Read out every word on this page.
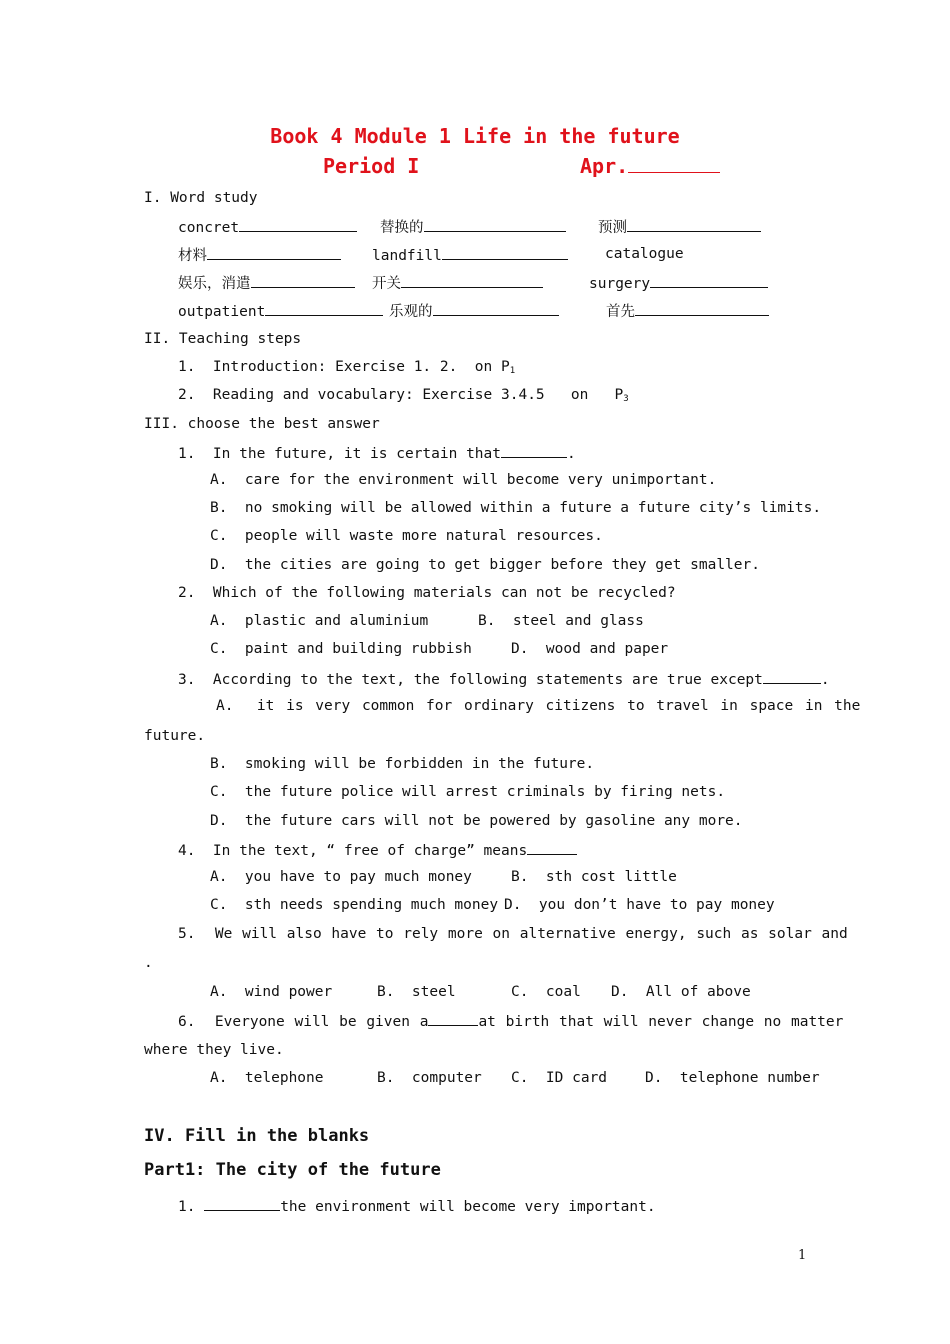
Book 4 Module 1 Life in the future
Period I	Apr.
I. Word study
concret	替换的	预测
材料	landfill	catalogue
娱乐，消遣	开关	surgery
outpatient	乐观的	首先
II. Teaching steps
1.  Introduction: Exercise 1. 2.  on $P_1$
2.  Reading and vocabulary: Exercise 3.4.5   on   $P_3$
III. choose the best answer
1.  In the future, it is certain that	.
A.  care for the environment will become very unimportant.
B.  no smoking will be allowed within a future a future city’s limits.
C.  people will waste more natural resources.
D.  the cities are going to get bigger before they get smaller.
2.  Which of the following materials can not be recycled?
A.  plastic and aluminium	B.  steel and glass
C.  paint and building rubbish	D.  wood and paper
3.  According to the text, the following statements are true except	.
A.  it is very common for ordinary citizens to travel in space in the
future.
B.  smoking will be forbidden in the future.
C.  the future police will arrest criminals by firing nets.
D.  the future cars will not be powered by gasoline any more.
4.  In the text, “ free of charge” means
A.  you have to pay much money	B.  sth cost little
C.  sth needs spending much money D.  you don’t have to pay money
5.  We will also have to rely more on alternative energy, such as solar and
.
A.  wind power	B.  steel	C.  coal D.  All of above
6.  Everyone will be given a	at birth that will never change no matter
where they live.
A.  telephone	B.  computer C.  ID card	D.  telephone number
IV. Fill in the blanks
Part1: The city of the future
1.	the environment will become very important.
1
